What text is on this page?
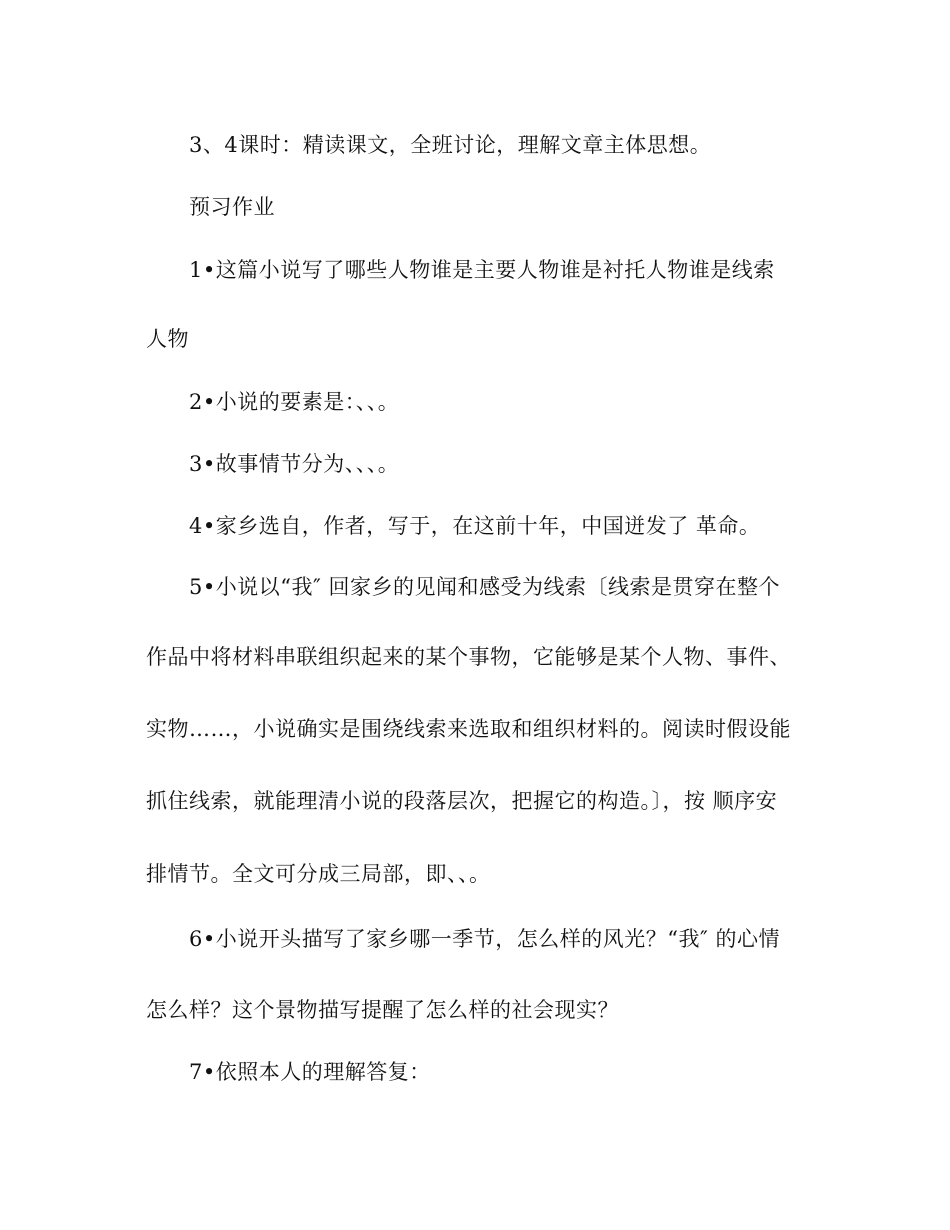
3、4课时：精读课文，全班讨论，理解文章主体思想。
预习作业
1•这篇小说写了哪些人物谁是主要人物谁是衬托人物谁是线索
人物
2•小说的要素是：、、。
3•故事情节分为、、、。
4•家乡选自，作者，写于，在这前十年，中国迸发了 革命。
5•小说以“我″ 回家乡的见闻和感受为线索〔线索是贯穿在整个
作品中将材料串联组织起来的某个事物，它能够是某个人物、事件、
实物……，小说确实是围绕线索来选取和组织材料的。阅读时假设能
抓住线索，就能理清小说的段落层次，把握它的构造。〕，按 顺序安
排情节。全文可分成三局部，即、、。
6•小说开头描写了家乡哪一季节，怎么样的风光？“我″ 的心情
怎么样？这个景物描写提醒了怎么样的社会现实？
7•依照本人的理解答复：
